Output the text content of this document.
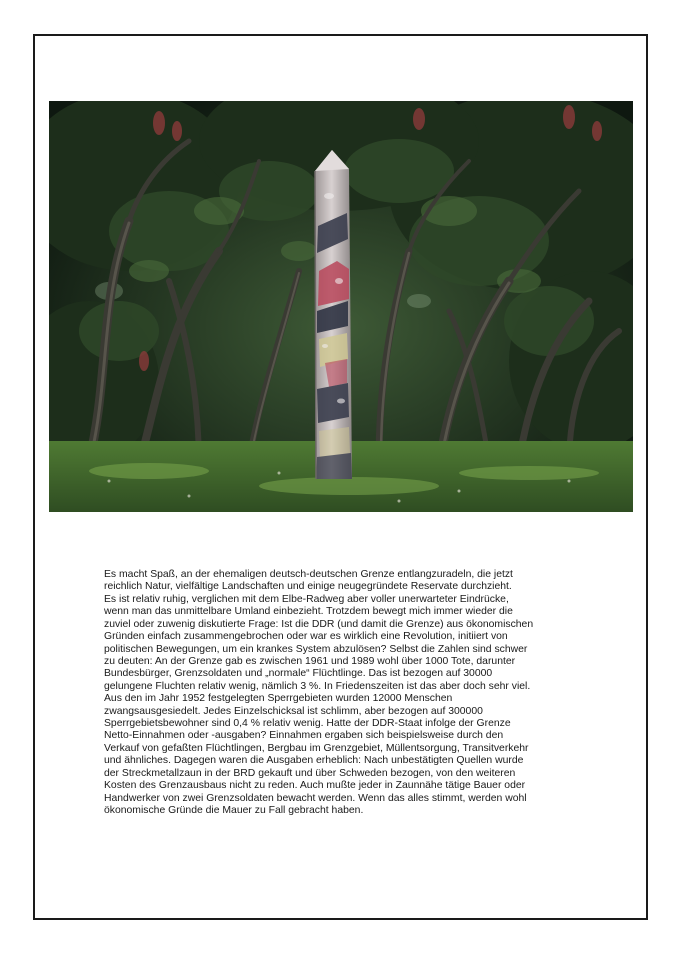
Es macht Spaß, an der ehemaligen deutsch-deutschen Grenze entlangzuradeln, die jetzt
reichlich Natur, vielfältige Landschaften und einige neugegründete Reservate durchzieht.
Es ist relativ ruhig, verglichen mit dem Elbe-Radweg aber voller unerwarteter Eindrücke,
wenn man das unmittelbare Umland einbezieht. Trotzdem bewegt mich immer wieder die
zuviel oder zuwenig diskutierte Frage: Ist die DDR (und damit die Grenze) aus ökonomischen
Gründen einfach zusammengebrochen oder war es wirklich eine Revolution, initiiert von
politischen Bewegungen, um ein krankes System abzulösen? Selbst die Zahlen sind schwer
zu deuten: An der Grenze gab es zwischen 1961 und 1989 wohl über 1000 Tote, darunter
Bundesbürger, Grenzsoldaten und „normale“ Flüchtlinge. Das ist bezogen auf 30000
gelungene Fluchten relativ wenig, nämlich 3 %. In Friedenszeiten ist das aber doch sehr viel.
Aus den im Jahr 1952 festgelegten Sperrgebieten wurden 12000 Menschen
zwangsausgesiedelt. Jedes Einzelschicksal ist schlimm, aber bezogen auf 300000
Sperrgebietsbewohner sind 0,4 % relativ wenig. Hatte der DDR-Staat infolge der Grenze
Netto-Einnahmen oder -ausgaben? Einnahmen ergaben sich beispielsweise durch den
Verkauf von gefaßten Flüchtlingen, Bergbau im Grenzgebiet, Müllentsorgung, Transitverkehr
und ähnliches. Dagegen waren die Ausgaben erheblich: Nach unbestätigten Quellen wurde
der Streckmetallzaun in der BRD gekauft und über Schweden bezogen, von den weiteren
Kosten des Grenzausbaus nicht zu reden. Auch mußte jeder in Zaunnähe tätige Bauer oder
Handwerker von zwei Grenzsoldaten bewacht werden. Wenn das alles stimmt, werden wohl
ökonomische Gründe die Mauer zu Fall gebracht haben.
